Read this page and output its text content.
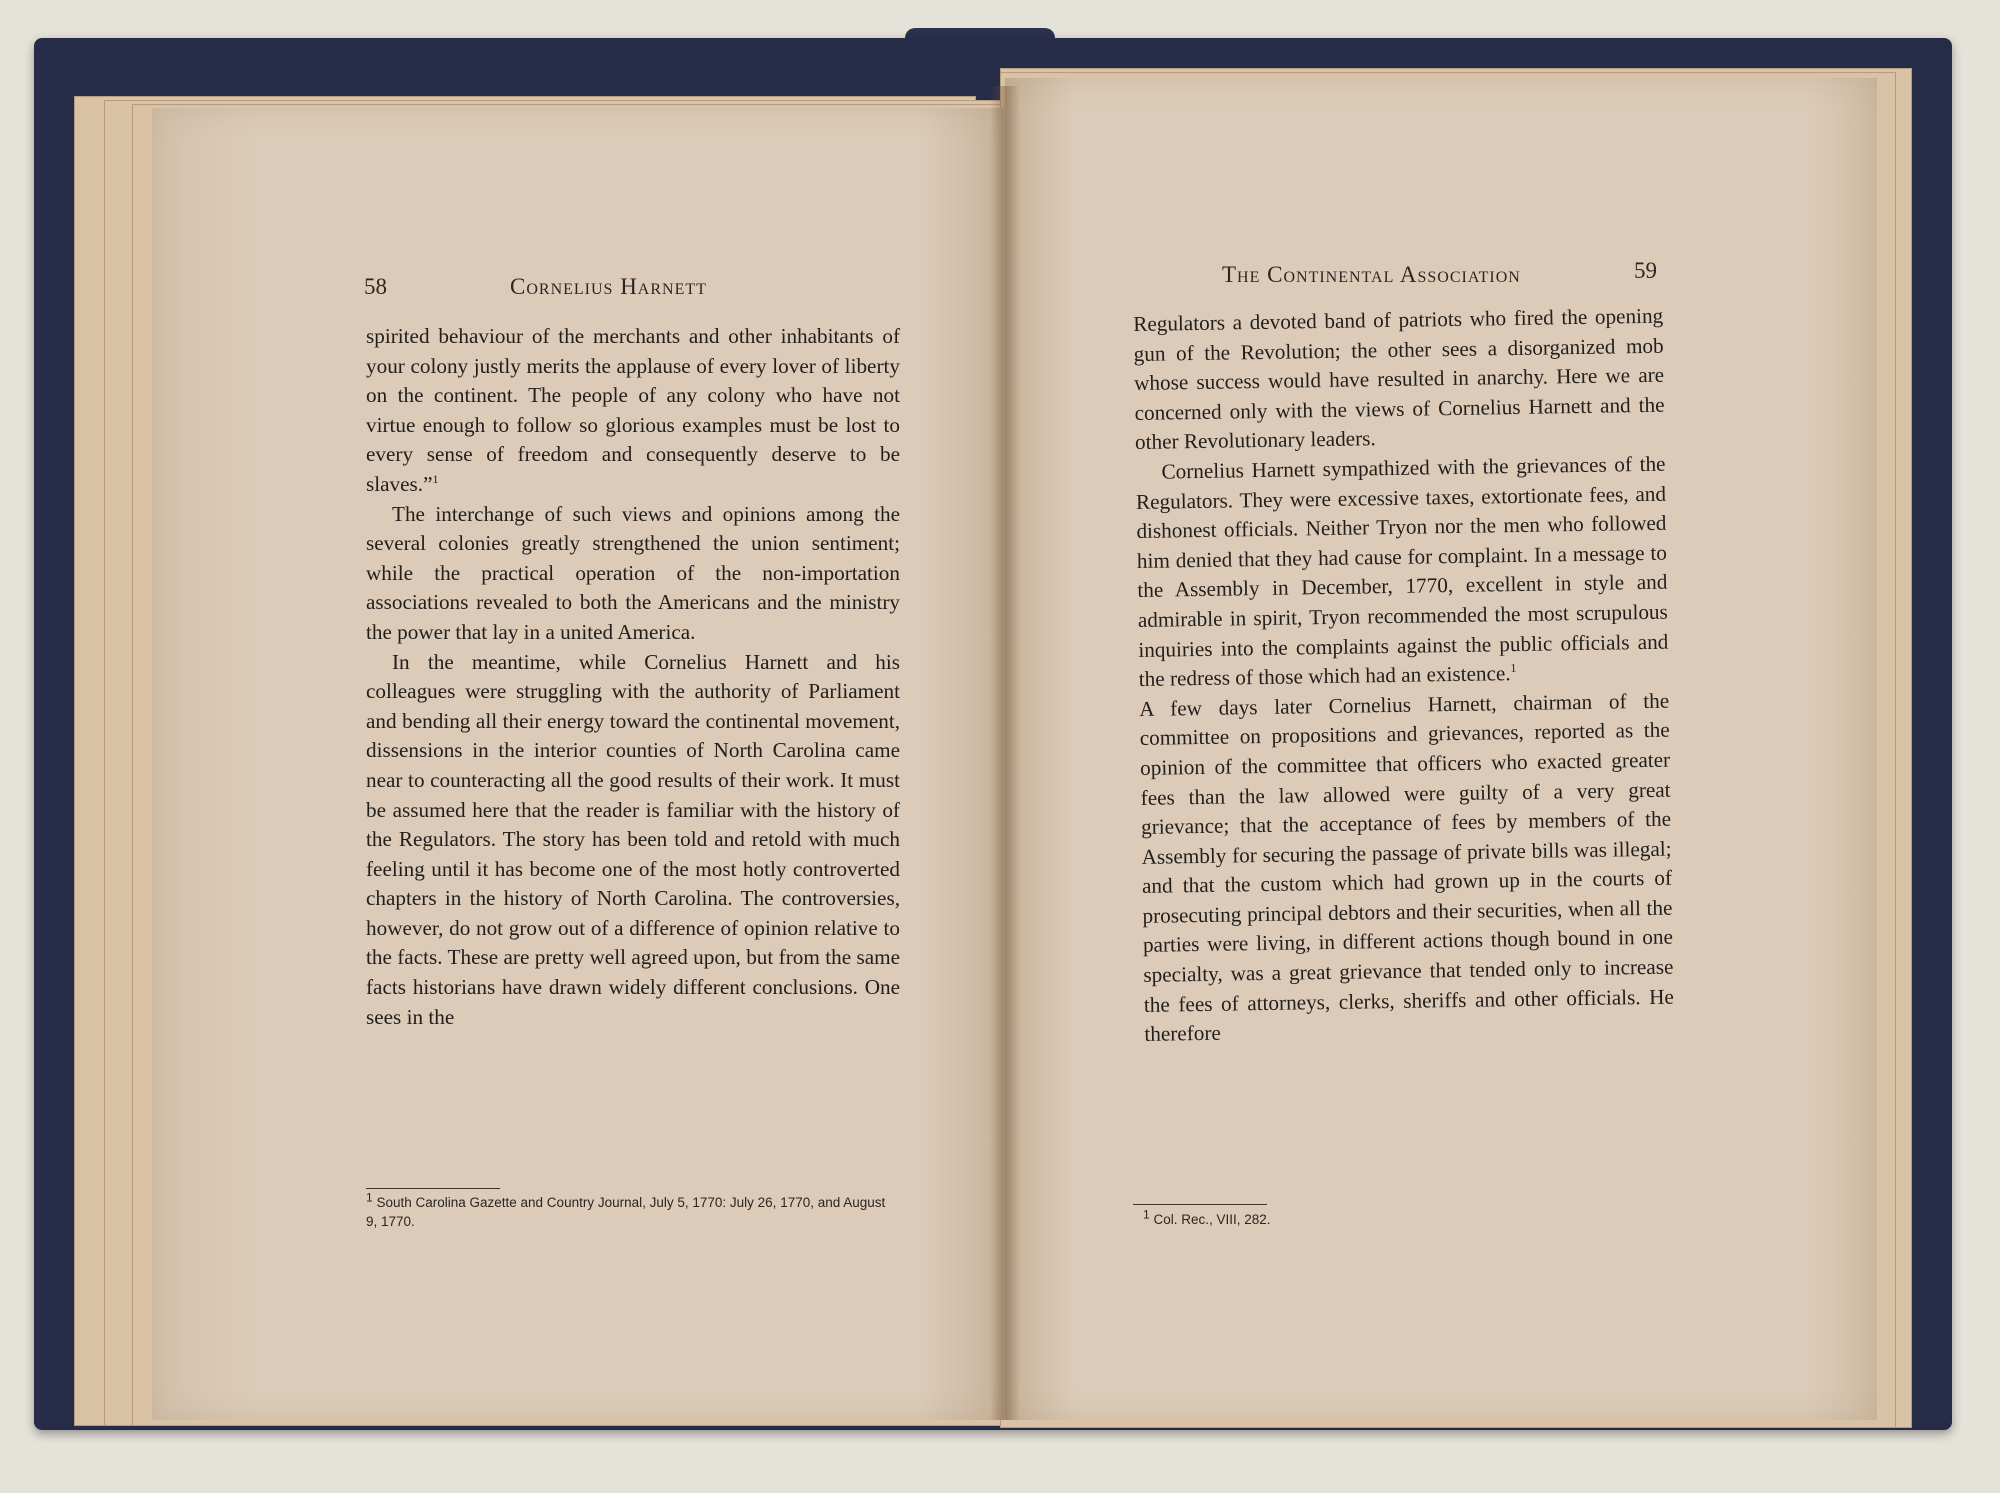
58	Cornelius Harnett

spirited behaviour of the merchants and other inhabitants of your colony justly merits the applause of every lover of liberty on the continent. The people of any colony who have not virtue enough to follow so glorious examples must be lost to every sense of freedom and consequently deserve to be slaves.”$^1$

The interchange of such views and opinions among the several colonies greatly strengthened the union sentiment; while the practical operation of the non-importation associations revealed to both the Americans and the ministry the power that lay in a united America.

In the meantime, while Cornelius Harnett and his colleagues were struggling with the authority of Parliament and bending all their energy toward the continental movement, dissensions in the interior counties of North Carolina came near to counteracting all the good results of their work. It must be assumed here that the reader is familiar with the history of the Regulators. The story has been told and retold with much feeling until it has become one of the most hotly controverted chapters in the history of North Carolina. The controversies, however, do not grow out of a difference of opinion relative to the facts. These are pretty well agreed upon, but from the same facts historians have drawn widely different conclusions. One sees in the

$^1$ South Carolina Gazette and Country Journal, July 5, 1770: July 26, 1770, and August 9, 1770.
The Continental Association	59

Regulators a devoted band of patriots who fired the opening gun of the Revolution; the other sees a disorganized mob whose success would have resulted in anarchy. Here we are concerned only with the views of Cornelius Harnett and the other Revolutionary leaders.

Cornelius Harnett sympathized with the grievances of the Regulators. They were excessive taxes, extortionate fees, and dishonest officials. Neither Tryon nor the men who followed him denied that they had cause for complaint. In a message to the Assembly in December, 1770, excellent in style and admirable in spirit, Tryon recommended the most scrupulous inquiries into the complaints against the public officials and the redress of those which had an existence.$^1$

A few days later Cornelius Harnett, chairman of the committee on propositions and grievances, reported as the opinion of the committee that officers who exacted greater fees than the law allowed were guilty of a very great grievance; that the acceptance of fees by members of the Assembly for securing the passage of private bills was illegal; and that the custom which had grown up in the courts of prosecuting principal debtors and their securities, when all the parties were living, in different actions though bound in one specialty, was a great grievance that tended only to increase the fees of attorneys, clerks, sheriffs and other officials. He therefore

$^1$ Col. Rec., VIII, 282.
